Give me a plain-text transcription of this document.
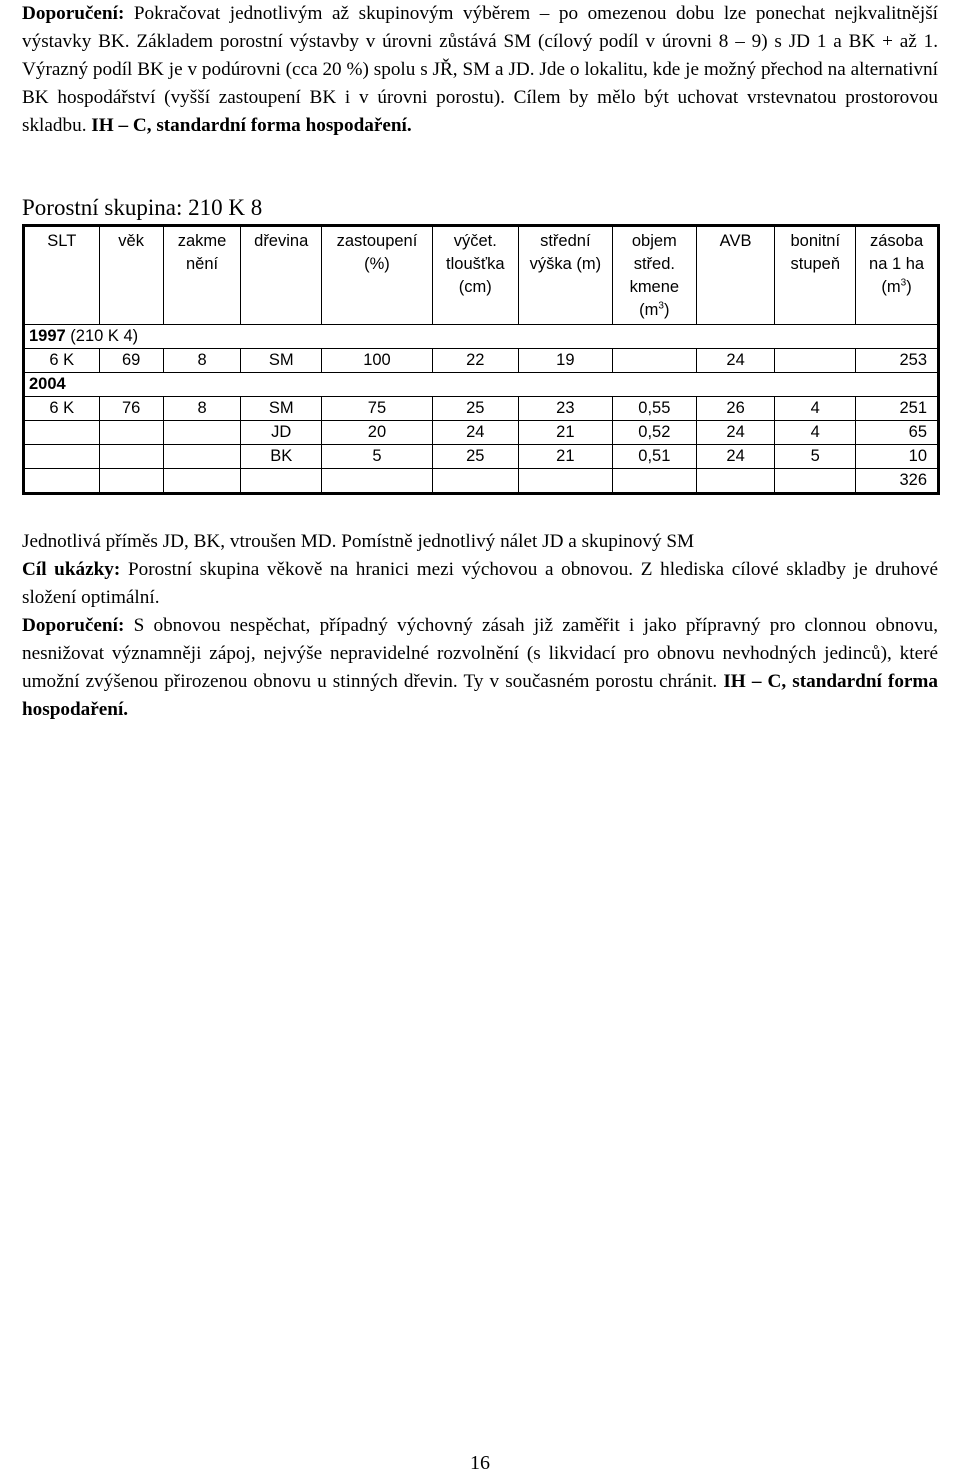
Doporučení: Pokračovat jednotlivým až skupinovým výběrem – po omezenou dobu lze ponechat nejkvalitnější výstavky BK. Základem porostní výstavby v úrovni zůstává SM (cílový podíl v úrovni 8 – 9) s JD 1 a BK + až 1. Výrazný podíl BK je v podúrovni (cca 20 %) spolu s JŘ, SM a JD. Jde o lokalitu, kde je možný přechod na alternativní BK hospodářství (vyšší zastoupení BK i v úrovni porostu). Cílem by mělo být uchovat vrstevnatou prostorovou skladbu. IH – C, standardní forma hospodaření.
Porostní skupina: 210 K 8
SLT	věk	zakme nění	dřevina	zastoupení (%)	výčet. tloušťka (cm)	střední výška (m)	objem střed. kmene $(m^3)$	AVB	bonitní stupeň	zásoba na 1 ha $(m^3)$
1997 (210 K 4)										
6 K	69	8	SM	100	22	19		24		253
2004										
6 K	76	8	SM	75	25	23	0,55	26	4	251
			JD	20	24	21	0,52	24	4	65
			BK	5	25	21	0,51	24	5	10
										326
Jednotlivá příměs JD, BK, vtroušen MD. Pomístně jednotlivý nálet JD a skupinový SM
Cíl ukázky: Porostní skupina věkově na hranici mezi výchovou a obnovou. Z hlediska cílové skladby je druhové složení optimální.
Doporučení: S obnovou nespěchat, případný výchovný zásah již zaměřit i jako přípravný pro clonnou obnovu, nesnižovat významněji zápoj, nejvýše nepravidelné rozvolnění (s likvidací pro obnovu nevhodných jedinců), které umožní zvýšenou přirozenou obnovu u stinných dřevin. Ty v současném porostu chránit. IH – C, standardní forma hospodaření.
16
